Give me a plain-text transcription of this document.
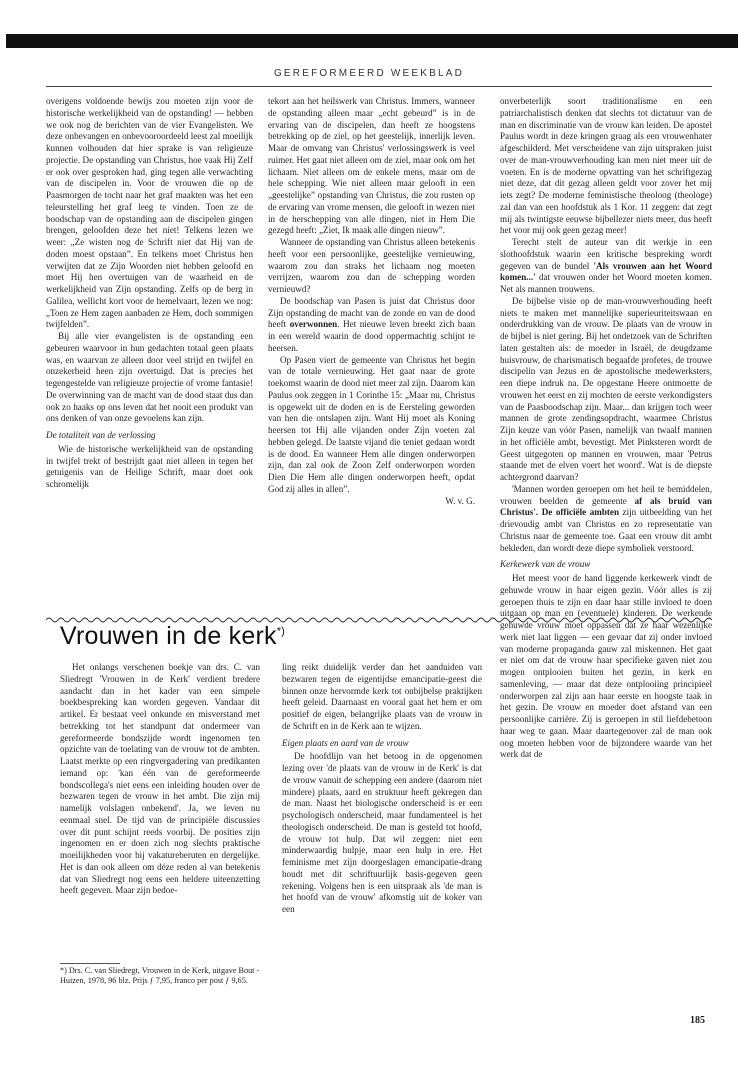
GEREFORMEERD WEEKBLAD

overigens voldoende bewijs zou moeten zijn voor de historische werkelijkheid van de opstanding! — hebben we ook nog de berichten van de vier Evangelisten. We deze onbevangen en onbevooroordeeld leest zal moeilijk kunnen volhouden dat hier sprake is van religieuze projectie. De opstanding van Christus, hoe vaak Hij Zelf er ook over gesproken had, ging tegen alle verwachting van de discipelen in. Voor de vrouwen die op de Paasmorgen de tocht naar het graf maakten was het een teleurstelling het graf leeg te vinden. Toen ze de boodschap van de opstanding aan de discipelen gingen brengen, geloofden deze het niet! Telkens lezen we weer: „Ze wisten nog de Schrift niet dat Hij van de doden moest opstaan”. En telkens moet Christus hen verwijten dat ze Zijn Woorden niet hebben geloofd en moet Hij hen overtuigen van de waarheid en de werkelijkheid van Zijn opstanding. Zelfs op de berg in Galilea, wellicht kort voor de hemelvaart, lezen we nog: „Toen ze Hem zagen aanbaden ze Hem, doch sommigen twijfelden”.

Bij alle vier evangelisten is de opstanding een gebeuren waarvoor in hun gedachten totaal geen plaats was, en waarvan ze alleen door veel strijd en twijfel en onzekerheid heen zijn overtuigd. Dat is precies het tegengestelde van religieuze projectie of vrome fantasie! De overwinning van de macht van de dood staat dus dan ook zo haaks op ons leven dat het nooit een produkt van ons denken of van onze gevoelens kan zijn.

De totaliteit van de verlossing

Wie de historische werkelijkheid van de opstanding in twijfel trekt of bestrijdt gaat niet alleen in tegen het getuigenis van de Heilige Schrift, maar doet ook schromelijk

tekort aan het heilswerk van Christus. Immers, wanneer de opstanding alleen maar „echt gebeurd” is in de ervaring van de discipelen, dan heeft ze hoogstens betrekking op de ziel, op het geestelijk, innerlijk leven. Maar de omvang van Christus' verlossingswerk is veel ruimer. Het gaat niet alleen om de ziel, maar ook om het lichaam. Niet alleen om de enkele mens, maar om de hele schepping. Wie niet alleen maar gelooft in een „geestelijke” opstanding van Christus, die zou rusten op de ervaring van vrome mensen, die gelooft in wezen niet in de herschepping van alle dingen, niet in Hem Die gezegd heeft: „Ziet, Ik maak alle dingen nieuw”.

Wanneer de opstanding van Christus alleen betekenis heeft voor een persoonlijke, geestelijke vernieuwing, waarom zou dan straks het lichaam nog moeten verrijzen, waarom zou dan de schepping worden vernieuwd?

De boodschap van Pasen is juist dat Christus door Zijn opstanding de macht van de zonde en van de dood heeft overwonnen. Het nieuwe leven breekt zich baan in een wereld waarin de dood oppermachtig schijnt te heersen.

Op Pasen viert de gemeente van Christus het begin van de totale vernieuwing. Het gaat naar de grote toekomst waarin de dood niet meer zal zijn. Daarom kan Paulus ook zeggen in 1 Corinthe 15: „Maar nu, Christus is opgewekt uit de doden en is de Eersteling geworden van hen die ontslapen zijn. Want Hij moet als Koning heersen tot Hij alle vijanden onder Zijn voeten zal hebben gelegd. De laatste vijand die teniet gedaan wordt is de dood. En wanneer Hem alle dingen onderworpen zijn, dan zal ook de Zoon Zelf onderworpen worden Dien Die Hem alle dingen onderworpen heeft, opdat God zij alles in allen”.

W. v. G.
Vrouwen in de kerk*)

Het onlangs verschenen boekje van drs. C. van Sliedregt 'Vrouwen in de Kerk' verdient bredere aandacht dan in het kader van een simpele boekbespreking kan worden gegeven. Vandaar dit artikel. Er bestaat veel onkunde en misverstand met betrekking tot het standpunt dat ondermeer van gereformeerde bondszijde wordt ingenomen ten opzichte van de toelating van de vrouw tot de ambten. Laatst merkte op een ringvergadering van predikanten iemand op: 'kan één van de gereformeerde bondscollega's niet eens een inleiding houden over de bezwaren tegen de vrouw in het ambt. Die zijn mij namelijk volslagen onbekend'. Ja, we leven nu eenmaal snel. De tijd van de principiële discussies over dit punt schijnt reeds voorbij. De posities zijn ingenomen en er doen zich nog slechts praktische moeilijkheden voor bij vakatureberuten en dergelijke. Het is dan ook alleen om déze reden al van betekenis dat van Sliedregt nog eens een heldere uiteenzetting heeft gegeven. Maar zijn bedoe-

ling reikt duidelijk verder dan het aanduiden van bezwaren tegen de eigentijdse emancipatie-geest die binnen onze hervormde kerk tot onbijbelse praktijken heeft geleid. Daarnaast en vooral gaat het hem er om positief de eigen, belangrijke plaats van de vrouw in de Schrift en in de Kerk aan te wijzen.

Eigen plaats en aard van de vrouw

De hoofdlijn van het betoog in de opgenomen lezing over 'de plaats van de vrouw in de Kerk' is dat de vrouw vanuit de schepping een andere (daarom niet mindere) plaats, aard en struktuur heeft gekregen dan de man. Naast het biologische onderscheid is er een psychologisch onderscheid, maar fundamenteel is het theologisch onderscheid. De man is gesteld tot hoofd, de vrouw tot hulp. Dat wil zeggen: niet een minderwaardig hulpje, maar een hulp in ere. Het feminisme met zijn doorgeslagen emancipatie-drang houdt met dit schriftuurlijk basis-gegeven geen rekening. Volgens hen is een uitspraak als 'de man is het hoofd van de vrouw' afkomstig uit de koker van een

onverbeterlijk soort traditionalisme en een patriarchalistisch denken dat slechts tot dictatuur van de man en discriminatie van de vrouw kan leiden. De apostel Paulus wordt in deze kringen graag als een vrouwenhater afgeschilderd. Met verscheidene van zijn uitspraken juist over de man-vrouwverhouding kan men niet meer uit de voeten. En is de moderne opvatting van het schriftgezag niet deze, dat dit gezag alleen geldt voor zover het mij iets zegt? De moderne feministische theoloog (theologe) zal dan van een hoofdstuk als 1 Kor. 11 zeggen: dat zegt mij als twintigste eeuwse bijbellezer niets meer, dus heeft het voor mij ook geen gezag meer!

Terecht stelt de auteur van dit werkje in een slothoofdstuk waarin een kritische bespreking wordt gegeven van de bundel 'Als vrouwen aan het Woord komen...' dat vrouwen onder het Woord moeten komen. Net als mannen trouwens.

De bijbelse visie op de man-vrouwverhouding heeft niets te maken met mannelijke superieuriteitswaan en onderdrukking van de vrouw. De plaats van de vrouw in de bijbel is niet gering. Bij het ondetzoek van de Schriften laten gestalten als: de moeder in Israël, de deugdzame huisvrouw, de charismatisch begaafde profetes, de trouwe discipelin van Jezus en de apostolische medewerksters, een diepe indruk na. De opgestane Heere ontmoette de vrouwen het eerst en zij mochten de eerste verkondigsters van de Paasboodschap zijn. Maar... dan krijgen toch weer mannen de grote zendingsopdracht, waarmee Christus Zijn keuze van vóór Pasen, namelijk van twaalf mannen in het officiële ambt, bevestigt. Met Pinksteren wordt de Geest uitgegoten op mannen en vrouwen, maar 'Petrus staande met de elven voert het woord'. Wat is de diepste achtergrond daarvan?

'Mannen worden geroepen om het heil te bemiddelen, vrouwen beelden de gemeente af als bruid van Christus'. De officiële ambten zijn uitbeelding van het drievoudig ambt van Christus en zo representatie van Christus naar de gemeente toe. Gaat een vrouw dit ambt bekleden, dan wordt deze diepe symboliek verstoord.

Kerkewerk van de vrouw

Het meest voor de hand liggende kerkewerk vindt de gehuwde vrouw in haar eigen gezin. Vóór alles is zij geroepen thuis te zijn en daar haar stille invloed te doen uitgaan op man en (eventuele) kinderen. De werkende gehuwde vrouw moet oppassen dat ze haar wezenlijke werk niet laat liggen — een gevaar dat zij onder invloed van moderne propaganda gauw zal miskennen. Het gaat er niet om dat de vrouw haar specifieke gaven niet zou mogen ontplooien buiten het gezin, in kerk en samenleving, — maar dat deze ontplooiing principieel onderworpen zal zijn aan haar eerste en hoogste taak in het gezin. De vrouw en moeder doet afstand van een persoonlijke carrière. Zij is geroepen in stil liefdebetoon haar weg te gaan. Maar daartegenover zal de man ook oog moeten hebben voor de bijzondere waarde van het werk dat de

*) Drs. C. van Sliedregt, Vrouwen in de Kerk, uitgave Bout - Huizen, 1978, 96 blz. Prijs ƒ 7,95, franco per post ƒ 9,65.
185
